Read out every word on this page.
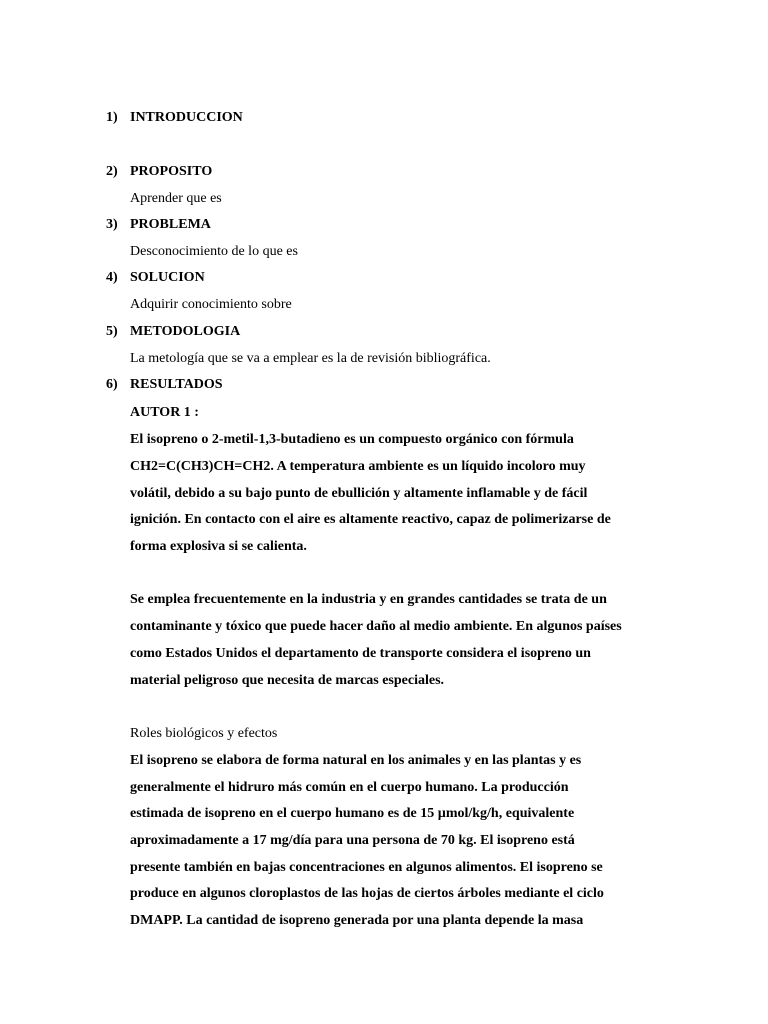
1) INTRODUCCION
2) PROPOSITO
Aprender que es
3) PROBLEMA
Desconocimiento de lo que es
4) SOLUCION
Adquirir conocimiento sobre
5) METODOLOGIA
La metología que se va a emplear es la de revisión bibliográfica.
6) RESULTADOS
AUTOR 1 :
El isopreno o 2-metil-1,3-butadieno es un compuesto orgánico con fórmula
CH2=C(CH3)CH=CH2. A temperatura ambiente es un líquido incoloro muy
volátil, debido a su bajo punto de ebullición y altamente inflamable y de fácil
ignición. En contacto con el aire es altamente reactivo, capaz de polimerizarse de
forma explosiva si se calienta.
Se emplea frecuentemente en la industria y en grandes cantidades se trata de un
contaminante y tóxico que puede hacer daño al medio ambiente. En algunos países
como Estados Unidos el departamento de transporte considera el isopreno un
material peligroso que necesita de marcas especiales.
Roles biológicos y efectos
El isopreno se elabora de forma natural en los animales y en las plantas y es
generalmente el hidruro más común en el cuerpo humano. La producción
estimada de isopreno en el cuerpo humano es de 15 µmol/kg/h, equivalente
aproximadamente a 17 mg/día para una persona de 70 kg. El isopreno está
presente también en bajas concentraciones en algunos alimentos. El isopreno se
produce en algunos cloroplastos de las hojas de ciertos árboles mediante el ciclo
DMAPP. La cantidad de isopreno generada por una planta depende la masa
